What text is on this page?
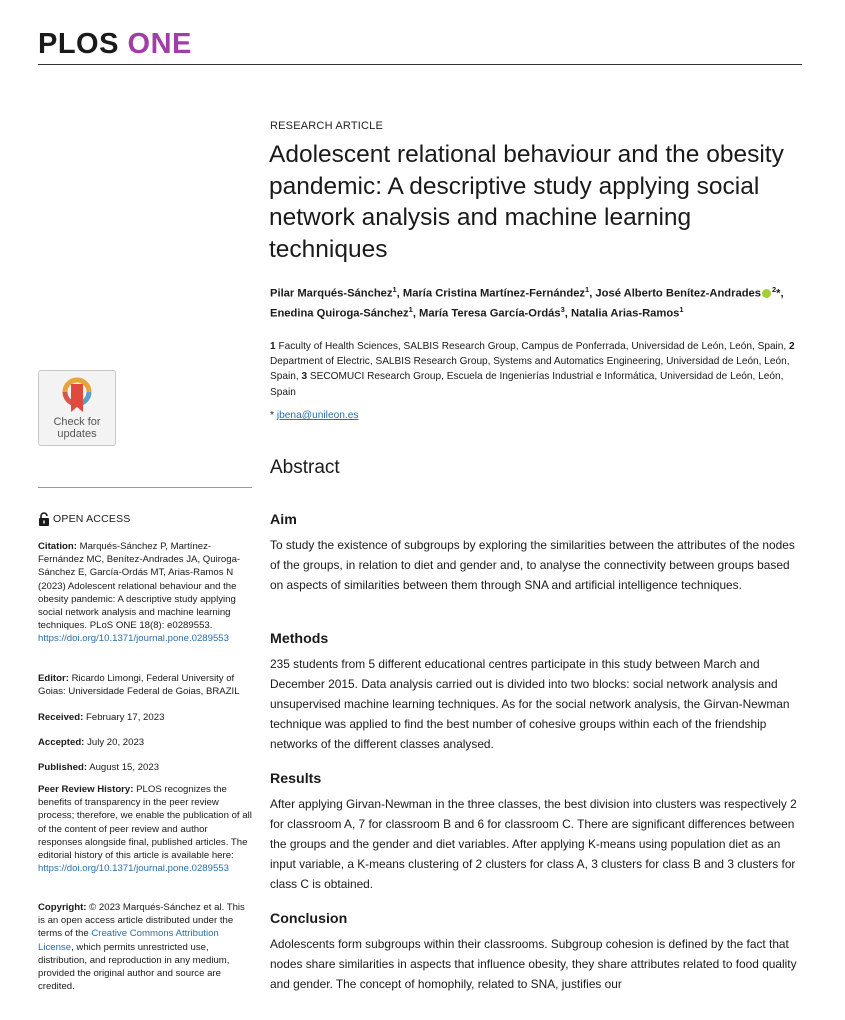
PLOS ONE
RESEARCH ARTICLE
Adolescent relational behaviour and the obesity pandemic: A descriptive study applying social network analysis and machine learning techniques
Pilar Marqués-Sánchez$^1$, María Cristina Martínez-Fernández$^1$, José Alberto Benítez-Andrades $^2$*, Enedina Quiroga-Sánchez$^1$, María Teresa García-Ordás$^3$, Natalia Arias-Ramos$^1$
1 Faculty of Health Sciences, SALBIS Research Group, Campus de Ponferrada, Universidad de León, León, Spain, 2 Department of Electric, SALBIS Research Group, Systems and Automatics Engineering, Universidad de León, León, Spain, 3 SECOMUCI Research Group, Escuela de Ingenierías Industrial e Informática, Universidad de León, León, Spain
* jbena@unileon.es
Check for
updates
OPEN ACCESS

Citation: Marqués-Sánchez P, Martínez-Fernández MC, Benítez-Andrades JA, Quiroga-Sánchez E, García-Ordás MT, Arias-Ramos N (2023) Adolescent relational behaviour and the obesity pandemic: A descriptive study applying social network analysis and machine learning techniques. PLoS ONE 18(8): e0289553. https://doi.org/10.1371/journal.pone.0289553

Editor: Ricardo Limongi, Federal University of Goias: Universidade Federal de Goias, BRAZIL

Received: February 17, 2023

Accepted: July 20, 2023

Published: August 15, 2023

Peer Review History: PLOS recognizes the benefits of transparency in the peer review process; therefore, we enable the publication of all of the content of peer review and author responses alongside final, published articles. The editorial history of this article is available here: https://doi.org/10.1371/journal.pone.0289553

Copyright: © 2023 Marqués-Sánchez et al. This is an open access article distributed under the terms of the Creative Commons Attribution License, which permits unrestricted use, distribution, and reproduction in any medium, provided the original author and source are credited.

Abstract
Aim

To study the existence of subgroups by exploring the similarities between the attributes of the nodes of the groups, in relation to diet and gender and, to analyse the connectivity between groups based on aspects of similarities between them through SNA and artificial intelligence techniques.

Methods

235 students from 5 different educational centres participate in this study between March and December 2015. Data analysis carried out is divided into two blocks: social network analysis and unsupervised machine learning techniques. As for the social network analysis, the Girvan-Newman technique was applied to find the best number of cohesive groups within each of the friendship networks of the different classes analysed.

Results

After applying Girvan-Newman in the three classes, the best division into clusters was respectively 2 for classroom A, 7 for classroom B and 6 for classroom C. There are significant differences between the groups and the gender and diet variables. After applying K-means using population diet as an input variable, a K-means clustering of 2 clusters for class A, 3 clusters for class B and 3 clusters for class C is obtained.

Conclusion

Adolescents form subgroups within their classrooms. Subgroup cohesion is defined by the fact that nodes share similarities in aspects that influence obesity, they share attributes related to food quality and gender. The concept of homophily, related to SNA, justifies our
